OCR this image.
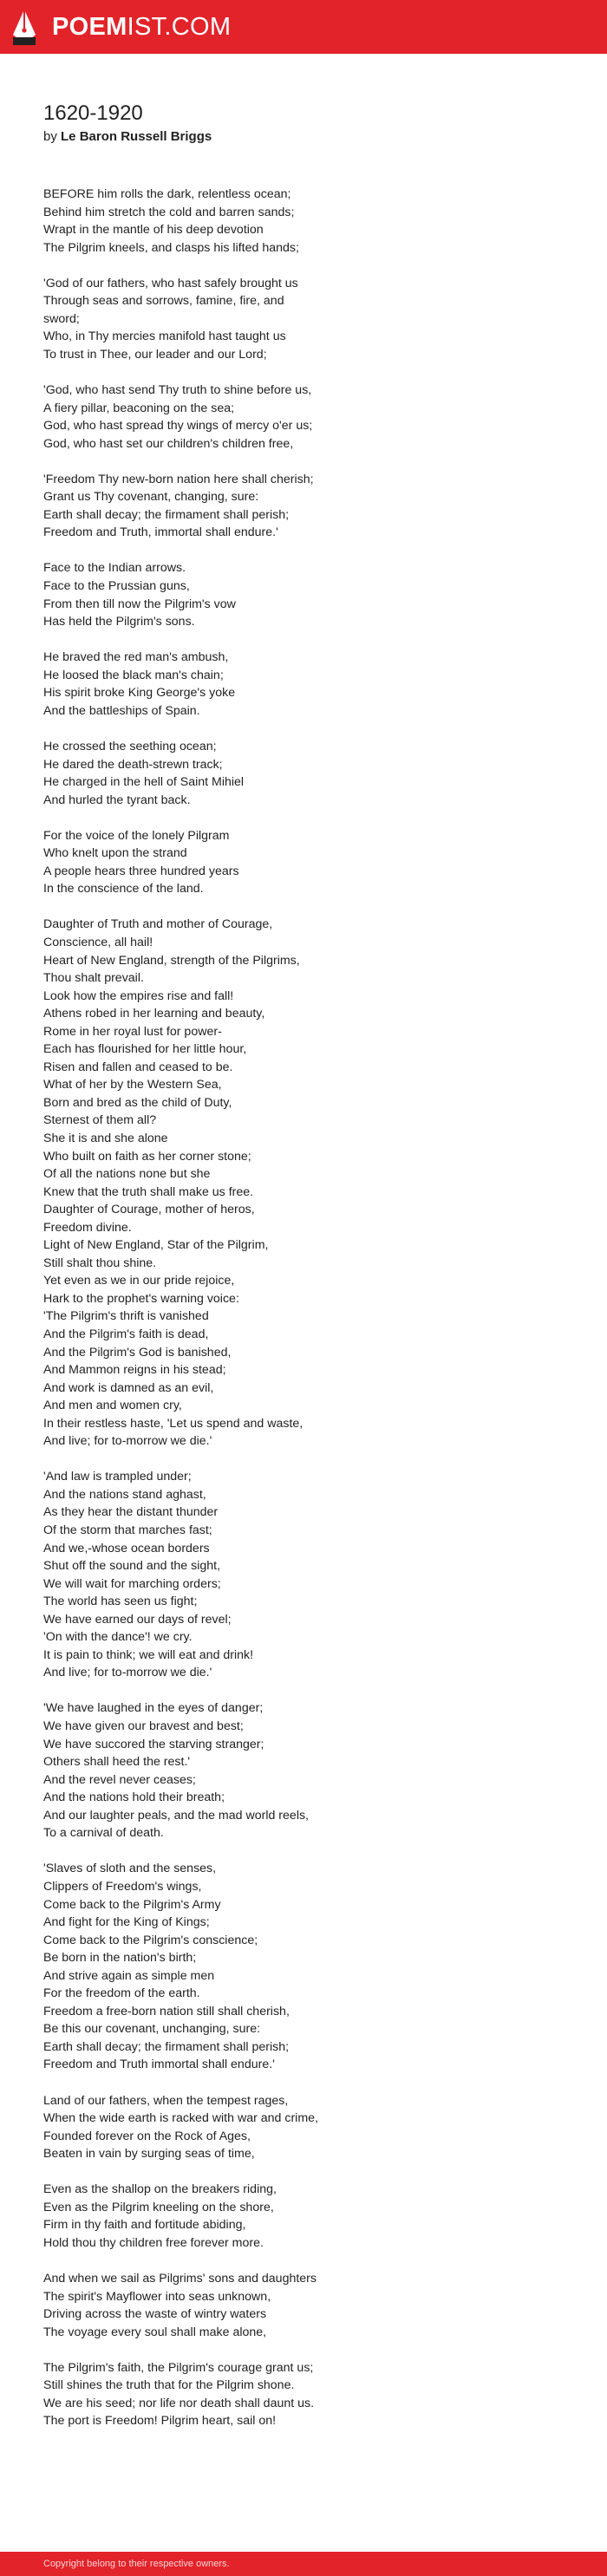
POEMIST.COM
1620-1920
by Le Baron Russell Briggs
BEFORE him rolls the dark, relentless ocean;
Behind him stretch the cold and barren sands;
Wrapt in the mantle of his deep devotion
The Pilgrim kneels, and clasps his lifted hands;
'God of our fathers, who hast safely brought us
Through seas and sorrows, famine, fire, and
sword;
Who, in Thy mercies manifold hast taught us
To trust in Thee, our leader and our Lord;
'God, who hast send Thy truth to shine before us,
A fiery pillar, beaconing on the sea;
God, who hast spread thy wings of mercy o'er us;
God, who hast set our children's children free,
'Freedom Thy new-born nation here shall cherish;
Grant us Thy covenant, changing, sure:
Earth shall decay; the firmament shall perish;
Freedom and Truth, immortal shall endure.'
Face to the Indian arrows.
Face to the Prussian guns,
From then till now the Pilgrim's vow
Has held the Pilgrim's sons.
He braved the red man's ambush,
He loosed the black man's chain;
His spirit broke King George's yoke
And the battleships of Spain.
He crossed the seething ocean;
He dared the death-strewn track;
He charged in the hell of Saint Mihiel
And hurled the tyrant back.
For the voice of the lonely Pilgram
Who knelt upon the strand
A people hears three hundred years
In the conscience of the land.
Daughter of Truth and mother of Courage,
Conscience, all hail!
Heart of New England, strength of the Pilgrims,
Thou shalt prevail.
Look how the empires rise and fall!
Athens robed in her learning and beauty,
Rome in her royal lust for power-
Each has flourished for her little hour,
Risen and fallen and ceased to be.
What of her by the Western Sea,
Born and bred as the child of Duty,
Sternest of them all?
She it is and she alone
Who built on faith as her corner stone;
Of all the nations none but she
Knew that the truth shall make us free.
Daughter of Courage, mother of heros,
Freedom divine.
Light of New England, Star of the Pilgrim,
Still shalt thou shine.
Yet even as we in our pride rejoice,
Hark to the prophet's warning voice:
'The Pilgrim's thrift is vanished
And the Pilgrim's faith is dead,
And the Pilgrim's God is banished,
And Mammon reigns in his stead;
And work is damned as an evil,
And men and women cry,
In their restless haste, 'Let us spend and waste,
And live; for to-morrow we die.'
'And law is trampled under;
And the nations stand aghast,
As they hear the distant thunder
Of the storm that marches fast;
And we,-whose ocean borders
Shut off the sound and the sight,
We will wait for marching orders;
The world has seen us fight;
We have earned our days of revel;
'On with the dance'! we cry.
It is pain to think; we will eat and drink!
And live; for to-morrow we die.'
'We have laughed in the eyes of danger;
We have given our bravest and best;
We have succored the starving stranger;
Others shall heed the rest.'
And the revel never ceases;
And the nations hold their breath;
And our laughter peals, and the mad world reels,
To a carnival of death.
'Slaves of sloth and the senses,
Clippers of Freedom's wings,
Come back to the Pilgrim's Army
And fight for the King of Kings;
Come back to the Pilgrim's conscience;
Be born in the nation's birth;
And strive again as simple men
For the freedom of the earth.
Freedom a free-born nation still shall cherish,
Be this our covenant, unchanging, sure:
Earth shall decay; the firmament shall perish;
Freedom and Truth immortal shall endure.'
Land of our fathers, when the tempest rages,
When the wide earth is racked with war and crime,
Founded forever on the Rock of Ages,
Beaten in vain by surging seas of time,
Even as the shallop on the breakers riding,
Even as the Pilgrim kneeling on the shore,
Firm in thy faith and fortitude abiding,
Hold thou thy children free forever more.
And when we sail as Pilgrims' sons and daughters
The spirit's Mayflower into seas unknown,
Driving across the waste of wintry waters
The voyage every soul shall make alone,
The Pilgrim's faith, the Pilgrim's courage grant us;
Still shines the truth that for the Pilgrim shone.
We are his seed; nor life nor death shall daunt us.
The port is Freedom! Pilgrim heart, sail on!
Copyright belong to their respective owners.
